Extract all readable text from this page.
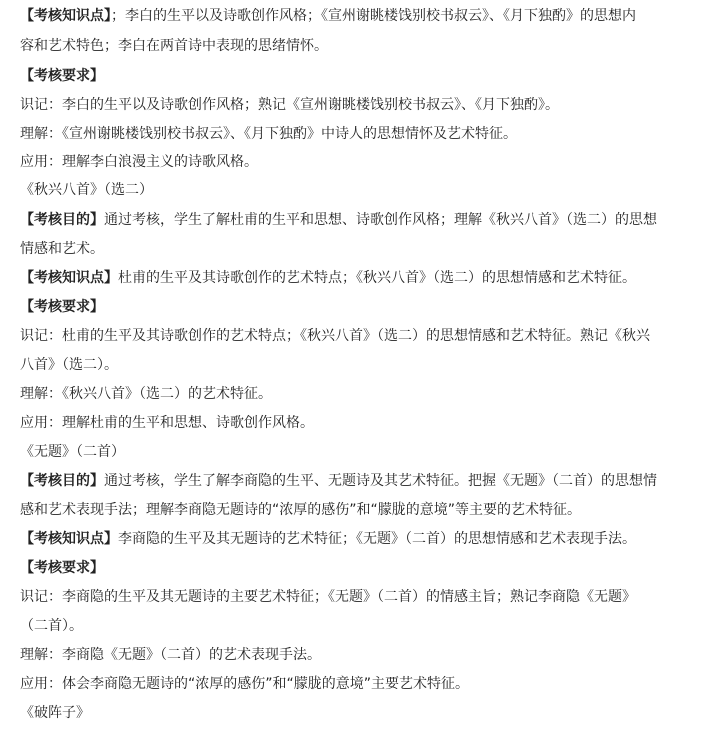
【考核知识点】；李白的生平以及诗歌创作风格；《宣州谢眺楼饯别校书叔云》、《月下独酌》的思想内
容和艺术特色；李白在两首诗中表现的思绪情怀。
【考核要求】
识记：李白的生平以及诗歌创作风格；熟记《宣州谢眺楼饯别校书叔云》、《月下独酌》。
理解：《宣州谢眺楼饯别校书叔云》、《月下独酌》中诗人的思想情怀及艺术特征。
应用：理解李白浪漫主义的诗歌风格。
《秋兴八首》（选二）
【考核目的】通过考核，学生了解杜甫的生平和思想、诗歌创作风格；理解《秋兴八首》（选二）的思想
情感和艺术。
【考核知识点】杜甫的生平及其诗歌创作的艺术特点；《秋兴八首》（选二）的思想情感和艺术特征。
【考核要求】
识记：杜甫的生平及其诗歌创作的艺术特点；《秋兴八首》（选二）的思想情感和艺术特征。熟记《秋兴
八首》（选二）。
理解：《秋兴八首》（选二）的艺术特征。
应用：理解杜甫的生平和思想、诗歌创作风格。
《无题》（二首）
【考核目的】通过考核，学生了解李商隐的生平、无题诗及其艺术特征。把握《无题》（二首）的思想情
感和艺术表现手法；理解李商隐无题诗的“浓厚的感伤”和“朦胧的意境”等主要的艺术特征。
【考核知识点】李商隐的生平及其无题诗的艺术特征；《无题》（二首）的思想情感和艺术表现手法。
【考核要求】
识记：李商隐的生平及其无题诗的主要艺术特征；《无题》（二首）的情感主旨；熟记李商隐《无题》
（二首）。
理解：李商隐《无题》（二首）的艺术表现手法。
应用：体会李商隐无题诗的“浓厚的感伤”和“朦胧的意境”主要艺术特征。
《破阵子》
